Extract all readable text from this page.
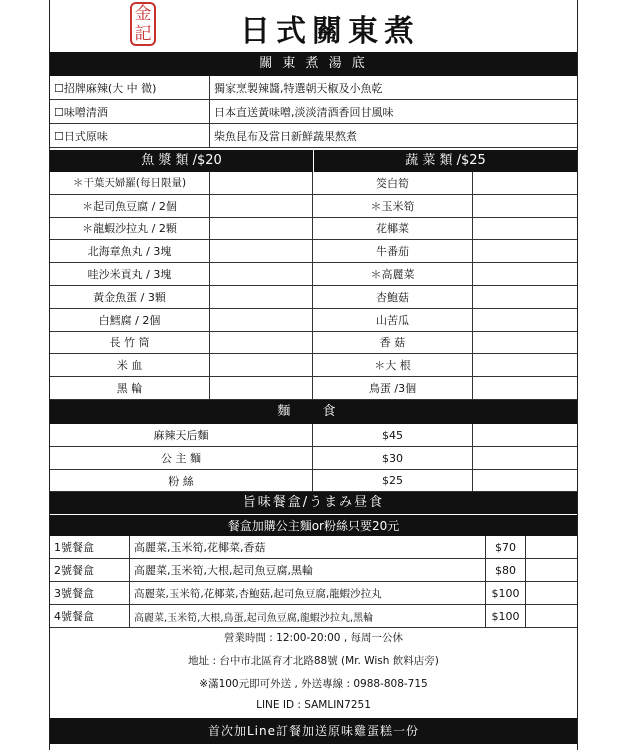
金
記	日式關東煮
關 東 煮 湯 底
☐招牌麻辣(大 中 微)	獨家烹製辣醬,特選朝天椒及小魚乾
☐味噌清酒	日本直送黃味噌,淡淡清酒香回甘風味
☐日式原味	柴魚昆布及當日新鮮蔬果熬煮
魚 漿 類 /$20	蔬 菜 類 /$25
＊干葉天婦羅(每日限量)	筊白筍
＊起司魚豆腐 / 2個	＊玉米筍
＊龍蝦沙拉丸 / 2顆	花椰菜
北海章魚丸 / 3塊	牛番茄
哇沙米貢丸 / 3塊	＊高麗菜
黃金魚蛋 / 3顆	杏鮑菇
白鱈腐 / 2個	山苦瓜
長 竹 筒	香 菇
米 血	＊大 根
黑 輪	鳥蛋 /3個
麵 食
麻辣天后麵	$45
公 主 麵	$30
粉 絲	$25
旨味餐盒/うまみ昼食
餐盒加購公主麵or粉絲只要20元
1號餐盒	高麗菜,玉米筍,花椰菜,香菇	$70
2號餐盒	高麗菜,玉米筍,大根,起司魚豆腐,黑輪	$80
3號餐盒	高麗菜,玉米筍,花椰菜,杏鮑菇,起司魚豆腐,龍蝦沙拉丸	$100
4號餐盒	高麗菜,玉米筍,大根,鳥蛋,起司魚豆腐,龍蝦沙拉丸,黑輪	$100
營業時間 : 12:00-20:00 , 每周一公休
地址 : 台中市北區育才北路88號 (Mr. Wish 飲料店旁)
※滿100元即可外送 , 外送專線 : 0988-808-715
LINE ID : SAMLIN7251
首次加Line訂餐加送原味雞蛋糕一份
